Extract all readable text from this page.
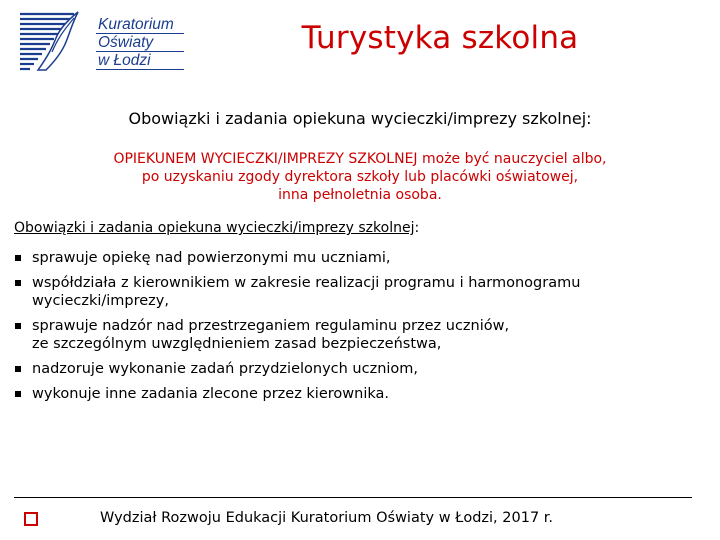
Kuratorium
Oświaty
w Łodzi
Turystyka szkolna
Obowiązki i zadania opiekuna wycieczki/imprezy szkolnej:
OPIEKUNEM WYCIECZKI/IMPREZY SZKOLNEJ może być nauczyciel albo,
po uzyskaniu zgody dyrektora szkoły lub placówki oświatowej,
inna pełnoletnia osoba.
Obowiązki i zadania opiekuna wycieczki/imprezy szkolnej:
sprawuje opiekę nad powierzonymi mu uczniami,
współdziała z kierownikiem w zakresie realizacji programu i harmonogramu
wycieczki/imprezy,
sprawuje nadzór nad przestrzeganiem regulaminu przez uczniów,
ze szczególnym uwzględnieniem zasad bezpieczeństwa,
nadzoruje wykonanie zadań przydzielonych uczniom,
wykonuje inne zadania zlecone przez kierownika.
Wydział Rozwoju Edukacji Kuratorium Oświaty w Łodzi, 2017 r.
